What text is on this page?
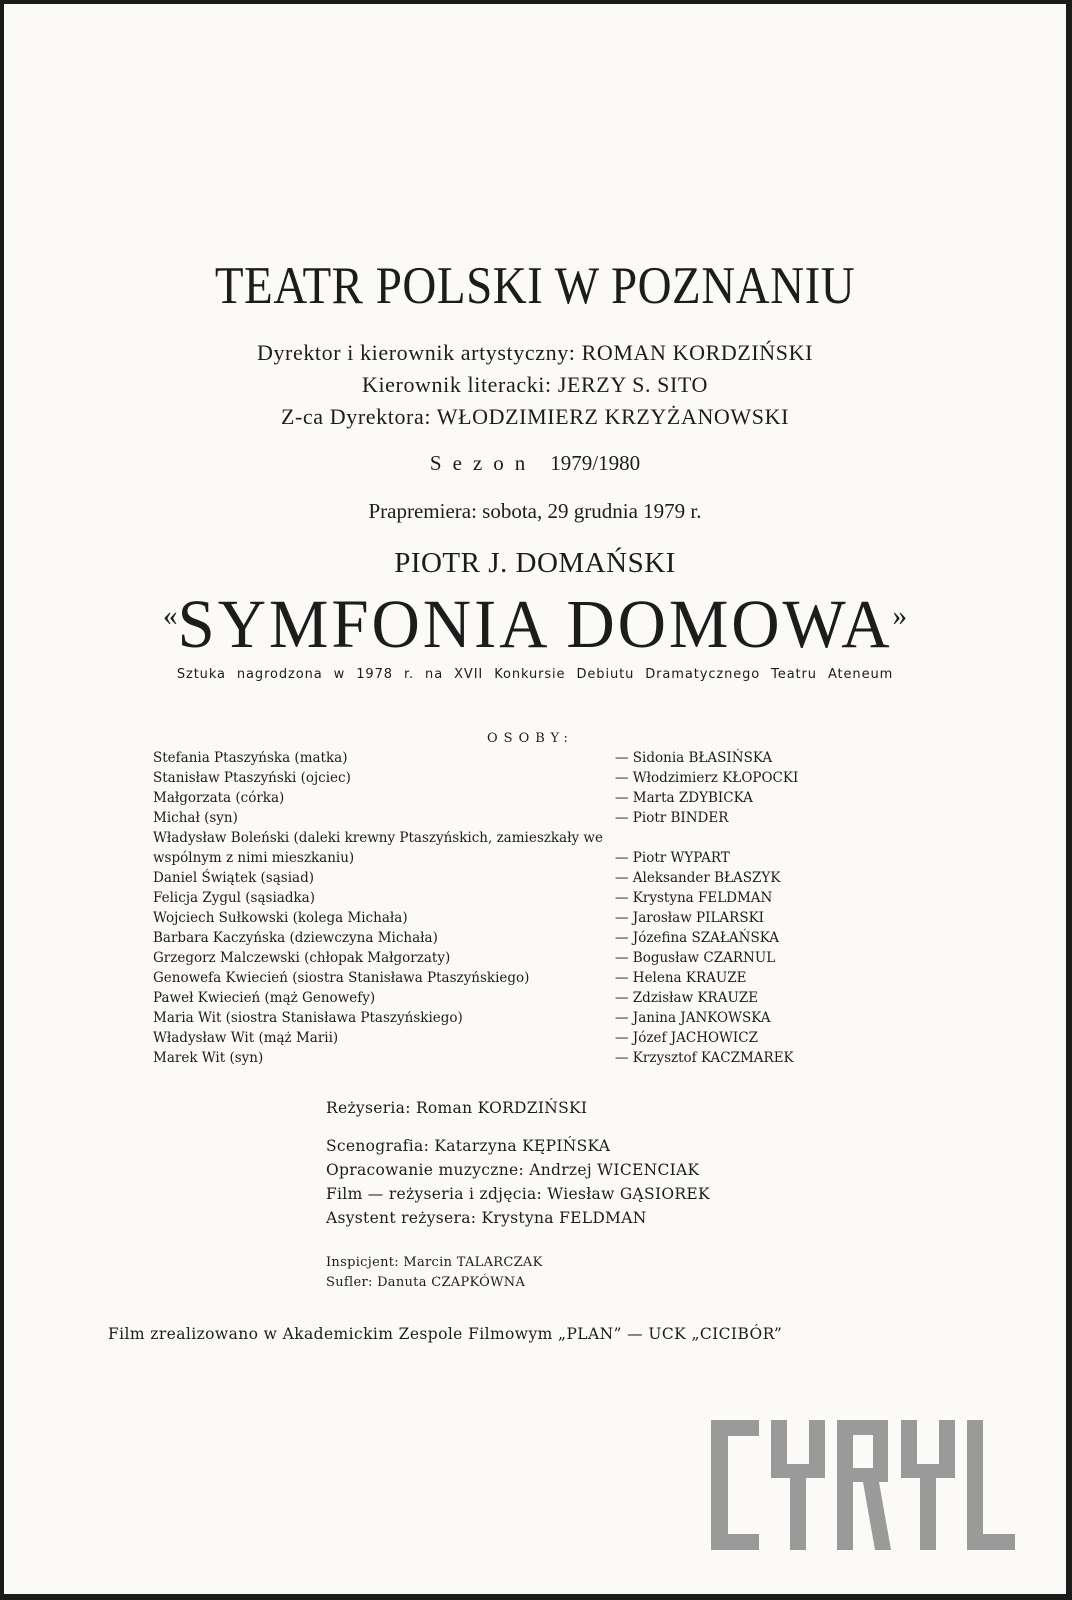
TEATR POLSKI W POZNANIU
Dyrektor i kierownik artystyczny: ROMAN KORDZIŃSKI
Kierownik literacki: JERZY S. SITO
Z-ca Dyrektora: WŁODZIMIERZ KRZYŻANOWSKI
Sezon 1979/1980
Prapremiera: sobota, 29 grudnia 1979 r.
PIOTR J. DOMAŃSKI
«SYMFONIA DOMOWA»
Sztuka nagrodzona w 1978 r. na XVII Konkursie Debiutu Dramatycznego Teatru Ateneum
OSOBY:
Stefania Ptaszyńska (matka)	— Sidonia BŁASIŃSKA
Stanisław Ptaszyński (ojciec)	— Włodzimierz KŁOPOCKI
Małgorzata (córka)	— Marta ZDYBICKA
Michał (syn)	— Piotr BINDER
Władysław Boleński (daleki krewny Ptaszyńskich, zamieszkały we wspólnym z nimi mieszkaniu)	— Piotr WYPART
Daniel Świątek (sąsiad)	— Aleksander BŁASZYK
Felicja Zygul (sąsiadka)	— Krystyna FELDMAN
Wojciech Sułkowski (kolega Michała)	— Jarosław PILARSKI
Barbara Kaczyńska (dziewczyna Michała)	— Józefina SZAŁAŃSKA
Grzegorz Malczewski (chłopak Małgorzaty)	— Bogusław CZARNUL
Genowefa Kwiecień (siostra Stanisława Ptaszyńskiego)	— Helena KRAUZE
Paweł Kwiecień (mąż Genowefy)	— Zdzisław KRAUZE
Maria Wit (siostra Stanisława Ptaszyńskiego)	— Janina JANKOWSKA
Władysław Wit (mąż Marii)	— Józef JACHOWICZ
Marek Wit (syn)	— Krzysztof KACZMAREK
Reżyseria: Roman KORDZIŃSKI
Scenografia: Katarzyna KĘPIŃSKA
Opracowanie muzyczne: Andrzej WICENCIAK
Film — reżyseria i zdjęcia: Wiesław GĄSIOREK
Asystent reżysera: Krystyna FELDMAN
Inspicjent: Marcin TALARCZAK
Sufler: Danuta CZAPKÓWNA
Film zrealizowano w Akademickim Zespole Filmowym „PLAN” — UCK „CICIBÓR”
